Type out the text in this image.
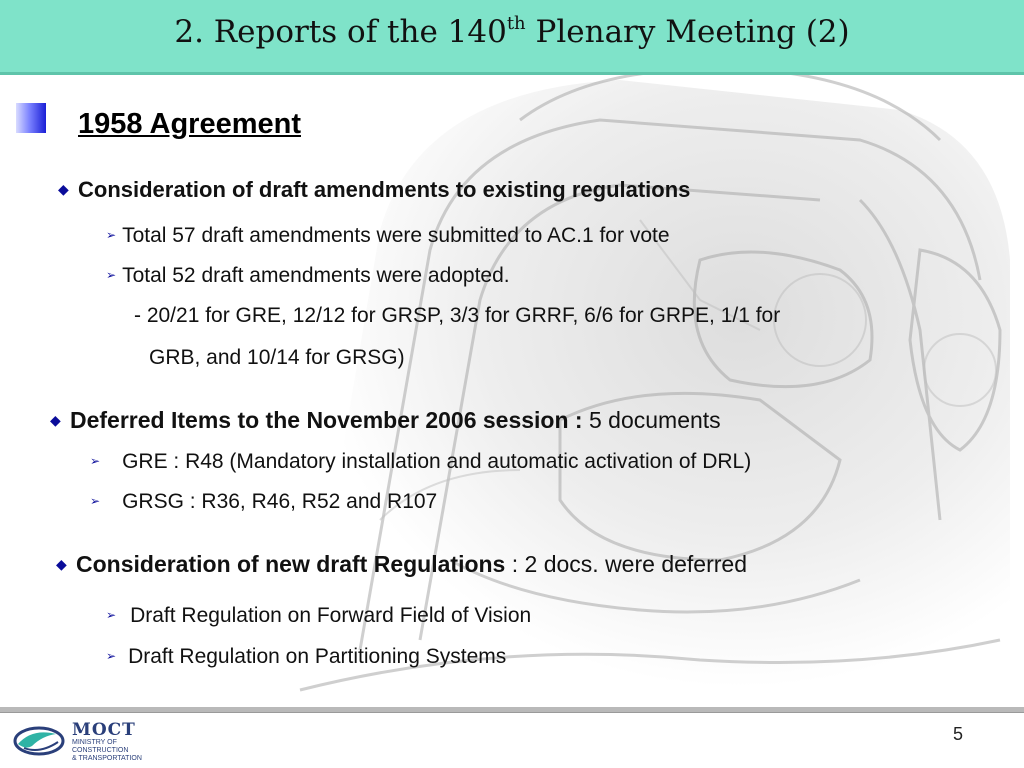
2. Reports of the 140th Plenary Meeting (2)
1958 Agreement
◆ Consideration of draft amendments to existing regulations
➢ Total 57 draft amendments were submitted to AC.1 for vote
➢ Total 52 draft amendments were adopted.
- 20/21 for GRE, 12/12 for GRSP, 3/3 for GRRF, 6/6 for GRPE, 1/1 for
GRB, and 10/14 for GRSG)
◆ Deferred Items to the November 2006 session : 5 documents
➢ GRE : R48 (Mandatory installation and automatic activation of DRL)
➢ GRSG : R36, R46, R52 and R107
◆ Consideration of new draft Regulations : 2 docs. were deferred
➢ Draft Regulation on Forward Field of Vision
➢ Draft Regulation on Partitioning Systems
MOCT
MINISTRY OF
CONSTRUCTION
& TRANSPORTATION
5
